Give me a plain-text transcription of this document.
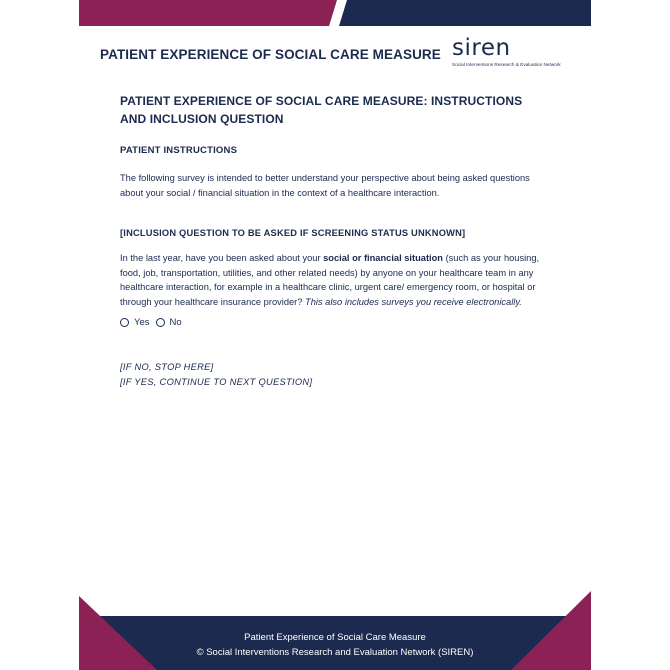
PATIENT EXPERIENCE OF SOCIAL CARE MEASURE siren
Social Interventions Research & Evaluation Network
PATIENT EXPERIENCE OF SOCIAL CARE MEASURE: INSTRUCTIONS AND INCLUSION QUESTION
PATIENT INSTRUCTIONS
The following survey is intended to better understand your perspective about being asked questions about your social / financial situation in the context of a healthcare interaction.
[INCLUSION QUESTION TO BE ASKED IF SCREENING STATUS UNKNOWN]
In the last year, have you been asked about your social or financial situation (such as your housing, food, job, transportation, utilities, and other related needs) by anyone on your healthcare team in any healthcare interaction, for example in a healthcare clinic, urgent care/ emergency room, or hospital or through your healthcare insurance provider? This also includes surveys you receive electronically.
Yes No
[IF NO, STOP HERE]
[IF YES, CONTINUE TO NEXT QUESTION]
Patient Experience of Social Care Measure
© Social Interventions Research and Evaluation Network (SIREN)
